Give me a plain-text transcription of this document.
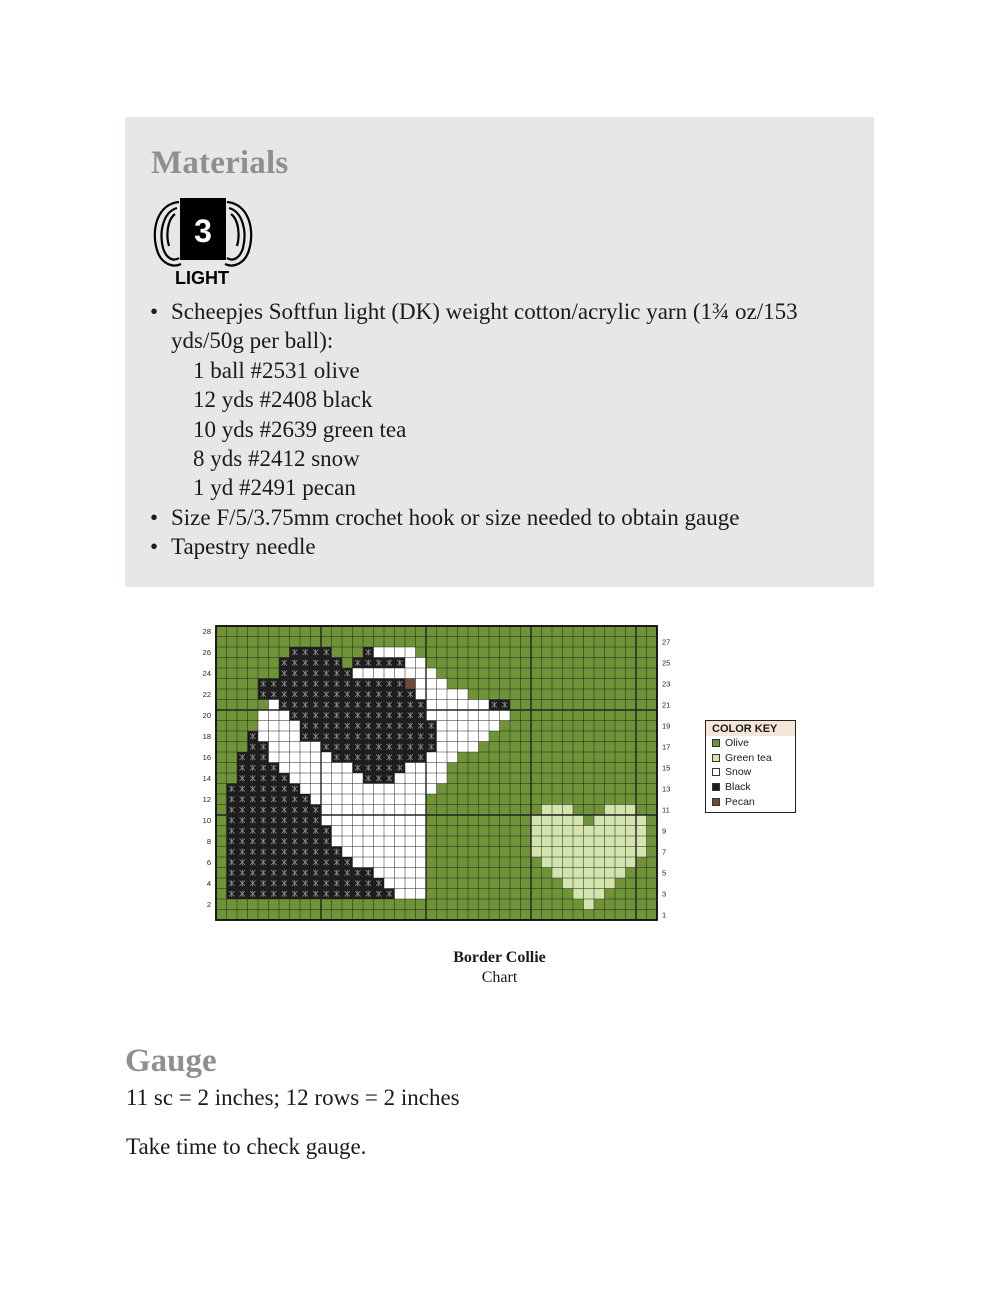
Materials
3
LIGHT
• Scheepjes Softfun light (DK) weight cotton/acrylic yarn (1¾ oz/153 yds/50g per ball):
1 ball #2531 olive
12 yds #2408 black
10 yds #2639 green tea
8 yds #2412 snow
1 yd #2491 pecan
• Size F/5/3.75mm crochet hook or size needed to obtain gauge
• Tapestry needle
28
26
24
22
20
18
16
14
12
10
8
6
4
2
27
25
23
21
19
17
15
13
11
9
7
5
3
1
COLOR KEY
Olive
Green tea
Snow
Black
Pecan
Border Collie
Chart
Gauge

11 sc = 2 inches; 12 rows = 2 inches

Take time to check gauge.
